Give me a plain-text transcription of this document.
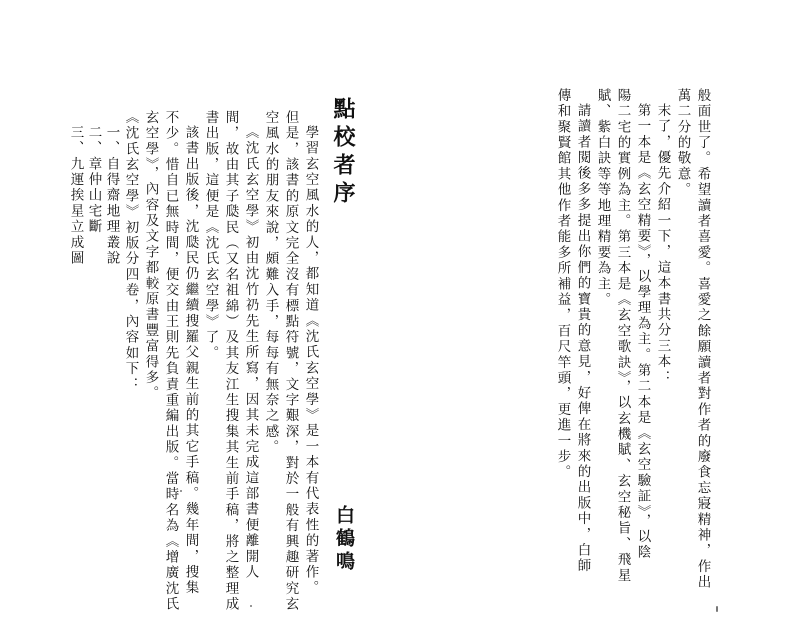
般面世了。希望讀者喜愛。喜愛之餘願讀者對作者的廢食忘寢精神，作出
萬二分的敬意。
末了，優先介紹一下，這本書共分三本：
第一本是《玄空精要》，以學理為主。第二本是《玄空驗証》，以陰
陽二宅的實例為主。第三本是《玄空歌訣》，以玄機賦、玄空秘旨、飛星
賦、紫白訣等等地理精要為主。
請讀者閱後多多提出你們的寶貴的意見，好俾在將來的出版中，白師
傳和聚賢館其他作者能多所補益，百尺竿頭，更進一步。
點校者序
白鶴鳴
學習玄空風水的人，都知道《沈氏玄空學》是一本有代表性的著作。
但是，該書的原文完全沒有標點符號，文字艱深，對於一般有興趣研究玄
空風水的朋友來說，頗難入手，每每有無奈之感。
《沈氏玄空學》初由沈竹礽先生所寫，因其未完成這部書便離開人
間，故由其子瓞民（又名祖綿）及其友江生搜集其生前手稿，將之整理成
書出版，這便是《沈氏玄空學》了。
該書出版後，沈瓞民仍繼續搜羅父親生前的其它手稿。幾年間，搜集
不少。惜自已無時間，便交由王則先負責重編出版。當時名為《增廣沈氏
玄空學》，內容及文字都較原書豐富得多。
《沈氏玄空學》初版分四卷，內容如下：
一、自得齋地理叢說
二、章仲山宅斷
三、九運挨星立成圖
